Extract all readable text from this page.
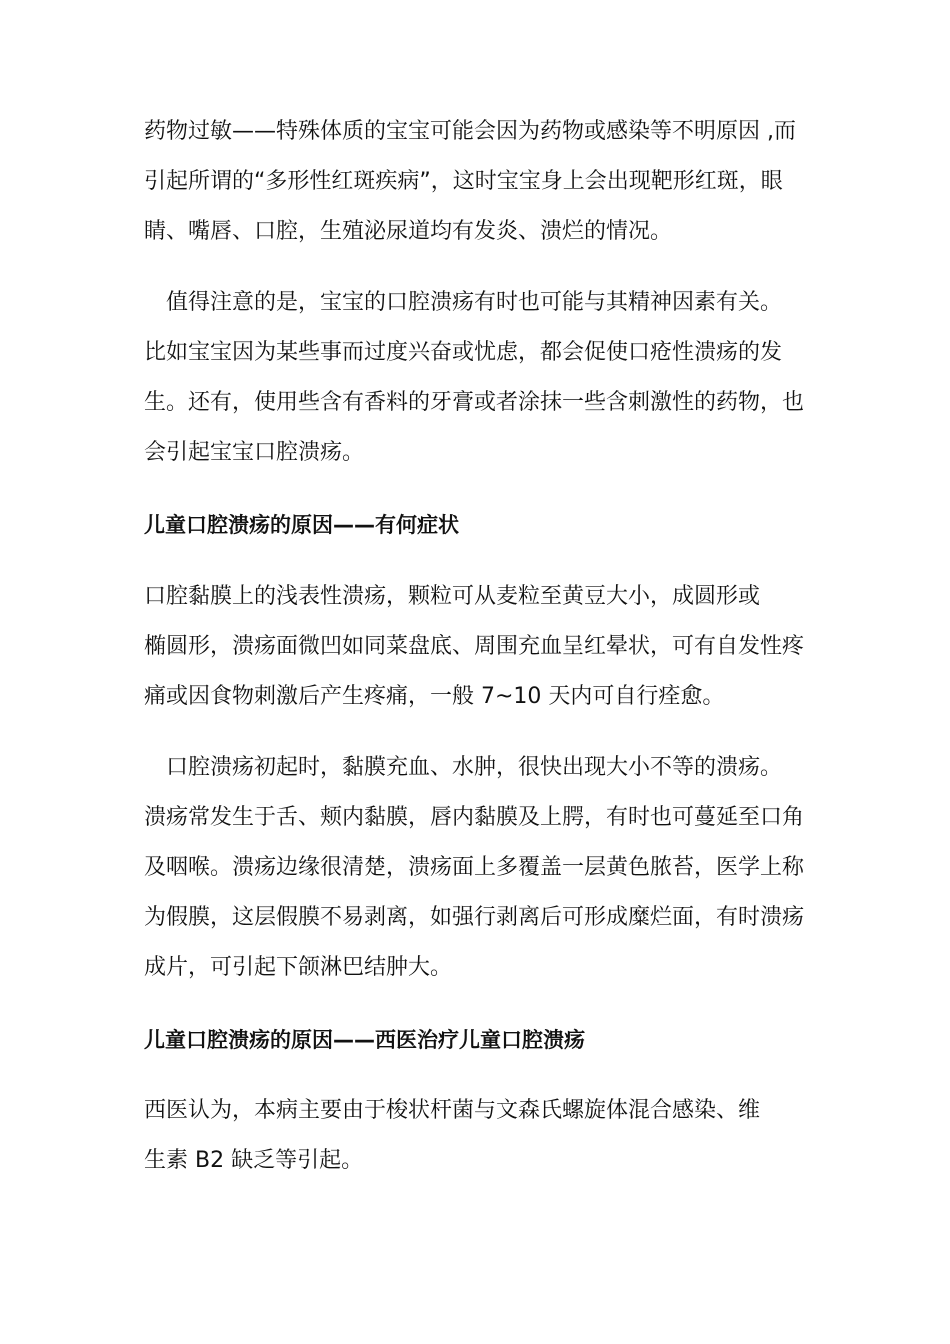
药物过敏——特殊体质的宝宝可能会因为药物或感染等不明原因 ,而
引起所谓的“多形性红斑疾病”，这时宝宝身上会出现靶形红斑，眼
睛、嘴唇、口腔，生殖泌尿道均有发炎、溃烂的情况。
　值得注意的是，宝宝的口腔溃疡有时也可能与其精神因素有关。
比如宝宝因为某些事而过度兴奋或忧虑，都会促使口疮性溃疡的发
生。还有，使用些含有香料的牙膏或者涂抹一些含刺激性的药物，也
会引起宝宝口腔溃疡。
儿童口腔溃疡的原因——有何症状
口腔黏膜上的浅表性溃疡，颗粒可从麦粒至黄豆大小，成圆形或
椭圆形，溃疡面微凹如同菜盘底、周围充血呈红晕状，可有自发性疼
痛或因食物刺激后产生疼痛，一般 7~10 天内可自行痊愈。
　口腔溃疡初起时，黏膜充血、水肿，很快出现大小不等的溃疡。
溃疡常发生于舌、颊内黏膜，唇内黏膜及上腭，有时也可蔓延至口角
及咽喉。溃疡边缘很清楚，溃疡面上多覆盖一层黄色脓苔，医学上称
为假膜，这层假膜不易剥离，如强行剥离后可形成糜烂面，有时溃疡
成片，可引起下颌淋巴结肿大。
儿童口腔溃疡的原因——西医治疗儿童口腔溃疡
西医认为，本病主要由于梭状杆菌与文森氏螺旋体混合感染、维
生素 B2 缺乏等引起。
